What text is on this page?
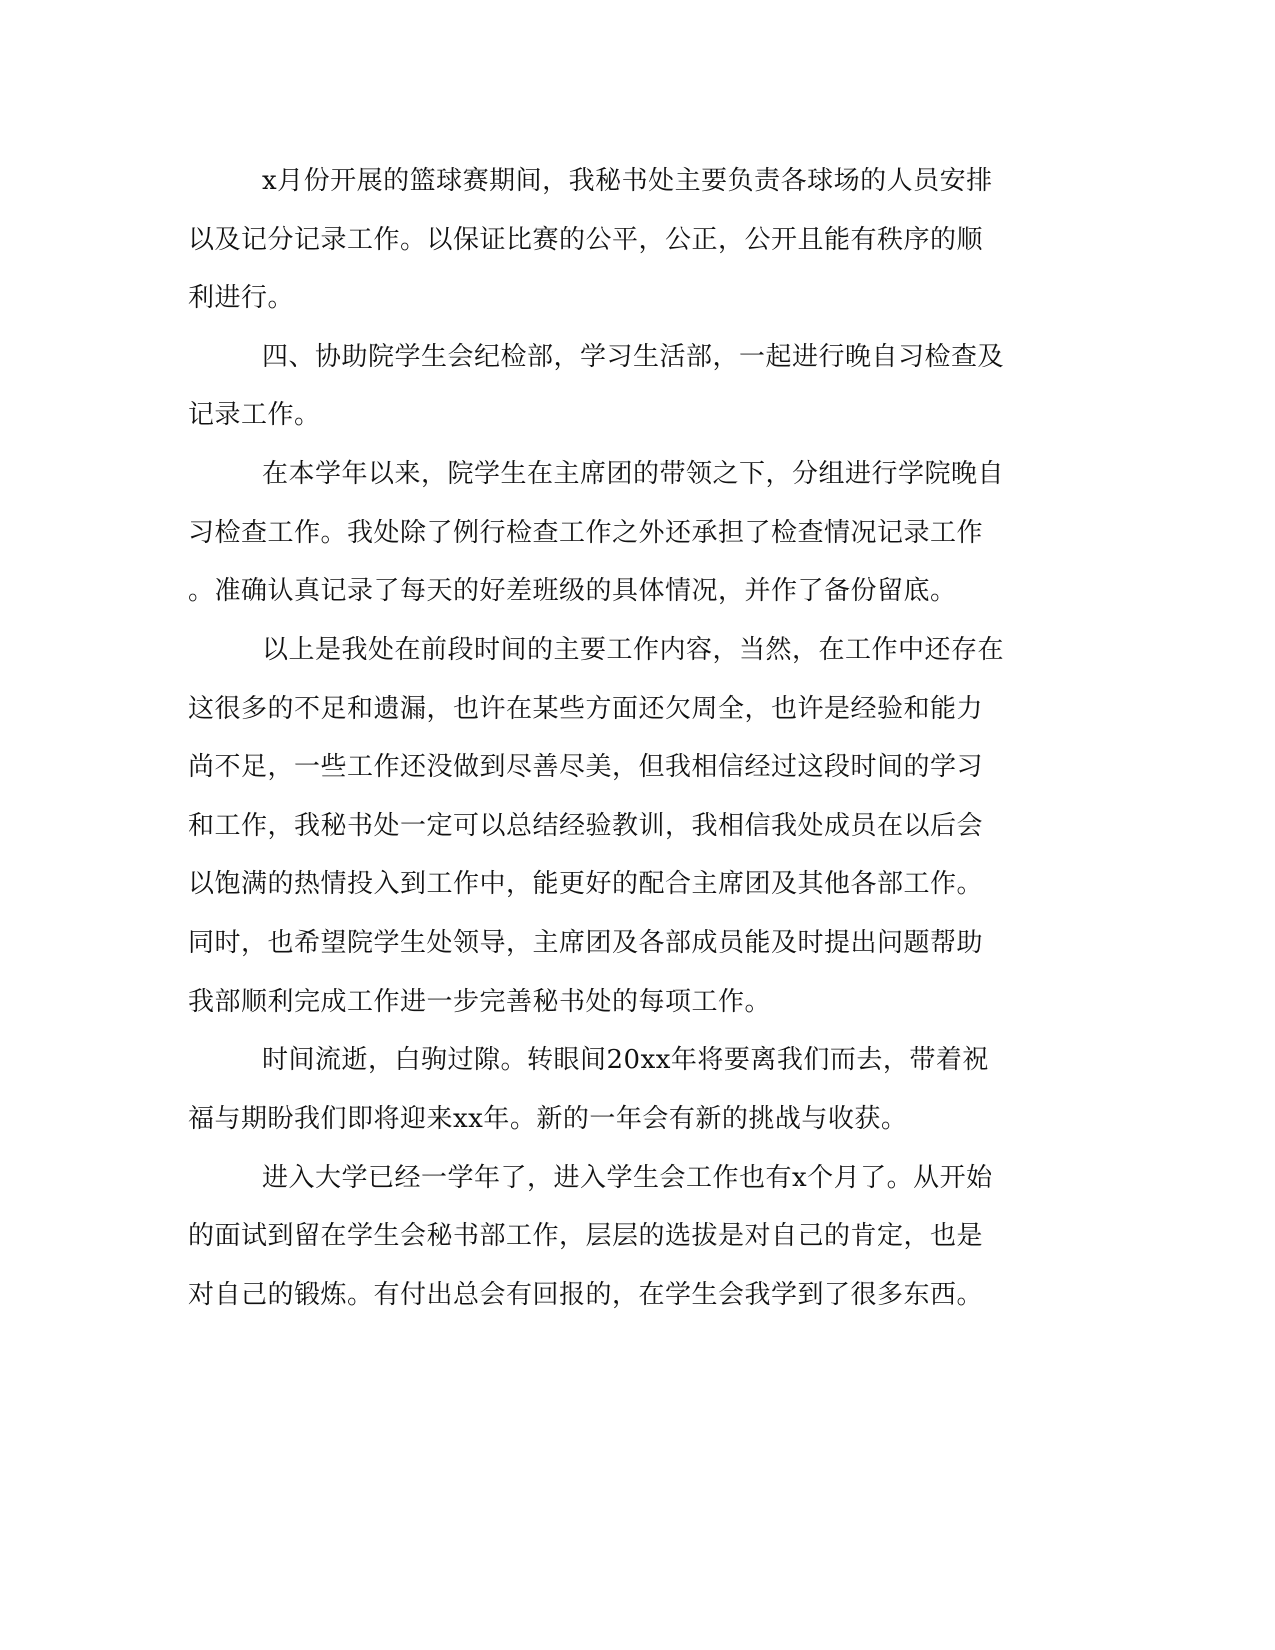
x月份开展的篮球赛期间，我秘书处主要负责各球场的人员安排
以及记分记录工作。以保证比赛的公平，公正，公开且能有秩序的顺
利进行。
四、协助院学生会纪检部，学习生活部，一起进行晚自习检查及
记录工作。
在本学年以来，院学生在主席团的带领之下，分组进行学院晚自
习检查工作。我处除了例行检查工作之外还承担了检查情况记录工作
。准确认真记录了每天的好差班级的具体情况，并作了备份留底。
以上是我处在前段时间的主要工作内容，当然，在工作中还存在
这很多的不足和遗漏，也许在某些方面还欠周全，也许是经验和能力
尚不足，一些工作还没做到尽善尽美，但我相信经过这段时间的学习
和工作，我秘书处一定可以总结经验教训，我相信我处成员在以后会
以饱满的热情投入到工作中，能更好的配合主席团及其他各部工作。
同时，也希望院学生处领导，主席团及各部成员能及时提出问题帮助
我部顺利完成工作进一步完善秘书处的每项工作。
时间流逝，白驹过隙。转眼间20xx年将要离我们而去，带着祝
福与期盼我们即将迎来xx年。新的一年会有新的挑战与收获。
进入大学已经一学年了，进入学生会工作也有x个月了。从开始
的面试到留在学生会秘书部工作，层层的选拔是对自己的肯定，也是
对自己的锻炼。有付出总会有回报的，在学生会我学到了很多东西。
